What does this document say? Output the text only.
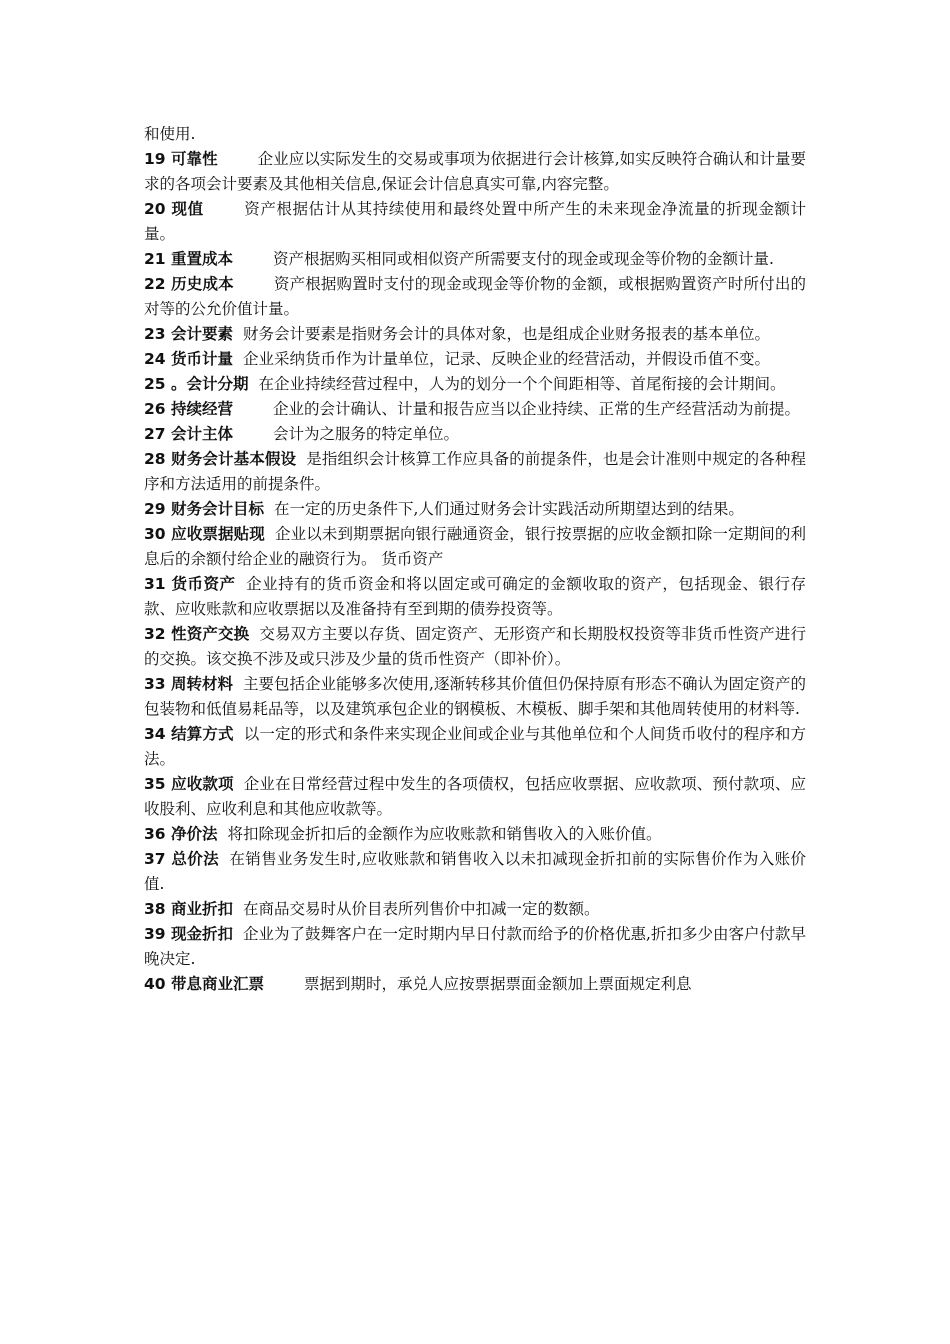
和使用.

19 可靠性	企业应以实际发生的交易或事项为依据进行会计核算,如实反映符合确认和计量要求的各项会计要素及其他相关信息,保证会计信息真实可靠,内容完整。

20 现值	资产根据估计从其持续使用和最终处置中所产生的未来现金净流量的折现金额计量。

21 重置成本	资产根据购买相同或相似资产所需要支付的现金或现金等价物的金额计量.

22 历史成本	资产根据购置时支付的现金或现金等价物的金额，或根据购置资产时所付出的对等的公允价值计量。

23 会计要素 财务会计要素是指财务会计的具体对象，也是组成企业财务报表的基本单位。

24 货币计量 企业采纳货币作为计量单位，记录、反映企业的经营活动，并假设币值不变。

25 。会计分期 在企业持续经营过程中，人为的划分一个个间距相等、首尾衔接的会计期间。

26 持续经营	企业的会计确认、计量和报告应当以企业持续、正常的生产经营活动为前提。

27 会计主体	会计为之服务的特定单位。

28 财务会计基本假设 是指组织会计核算工作应具备的前提条件，也是会计准则中规定的各种程序和方法适用的前提条件。

29 财务会计目标 在一定的历史条件下,人们通过财务会计实践活动所期望达到的结果。

30 应收票据贴现 企业以未到期票据向银行融通资金，银行按票据的应收金额扣除一定期间的利息后的余额付给企业的融资行为。 货币资产

31 货币资产 企业持有的货币资金和将以固定或可确定的金额收取的资产，包括现金、银行存款、应收账款和应收票据以及准备持有至到期的债券投资等。

32 性资产交换 交易双方主要以存货、固定资产、无形资产和长期股权投资等非货币性资产进行的交换。该交换不涉及或只涉及少量的货币性资产（即补价）。

33 周转材料 主要包括企业能够多次使用,逐渐转移其价值但仍保持原有形态不确认为固定资产的包装物和低值易耗品等，以及建筑承包企业的钢模板、木模板、脚手架和其他周转使用的材料等.

34 结算方式 以一定的形式和条件来实现企业间或企业与其他单位和个人间货币收付的程序和方法。

35 应收款项 企业在日常经营过程中发生的各项债权，包括应收票据、应收款项、预付款项、应收股利、应收利息和其他应收款等。

36 净价法 将扣除现金折扣后的金额作为应收账款和销售收入的入账价值。

37 总价法 在销售业务发生时,应收账款和销售收入以未扣减现金折扣前的实际售价作为入账价值.

38 商业折扣 在商品交易时从价目表所列售价中扣减一定的数额。

39 现金折扣 企业为了鼓舞客户在一定时期内早日付款而给予的价格优惠,折扣多少由客户付款早晚决定.

40 带息商业汇票	票据到期时，承兑人应按票据票面金额加上票面规定利息
